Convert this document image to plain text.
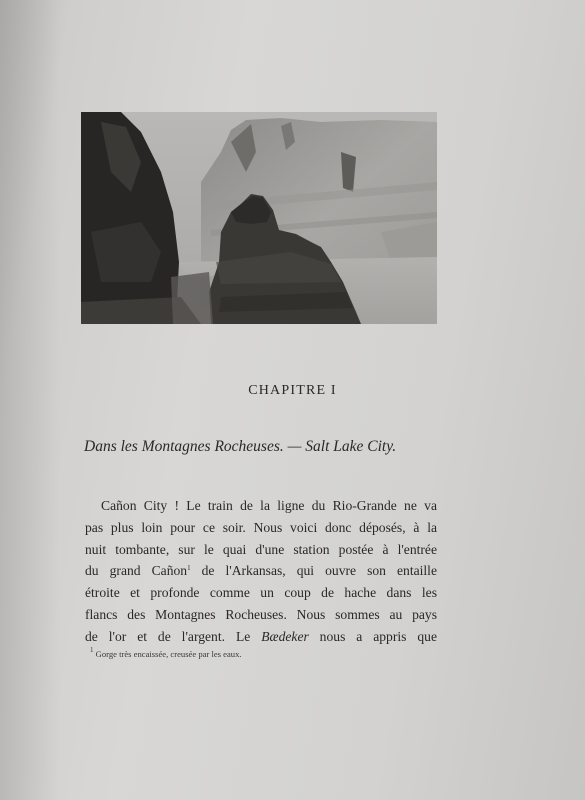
CHAPITRE I
Dans les Montagnes Rocheuses. — Salt Lake City.
Cañon City ! Le train de la ligne du Rio-Grande ne va
pas plus loin pour ce soir. Nous voici donc déposés, à la
nuit tombante, sur le quai d'une station postée à l'entrée
du grand Cañon$^1$ de l'Arkansas, qui ouvre son entaille
étroite et profonde comme un coup de hache dans les
flancs des Montagnes Rocheuses. Nous sommes au pays
de l'or et de l'argent. Le Bædeker nous a appris que
$^1$ Gorge très encaissée, creusée par les eaux.
